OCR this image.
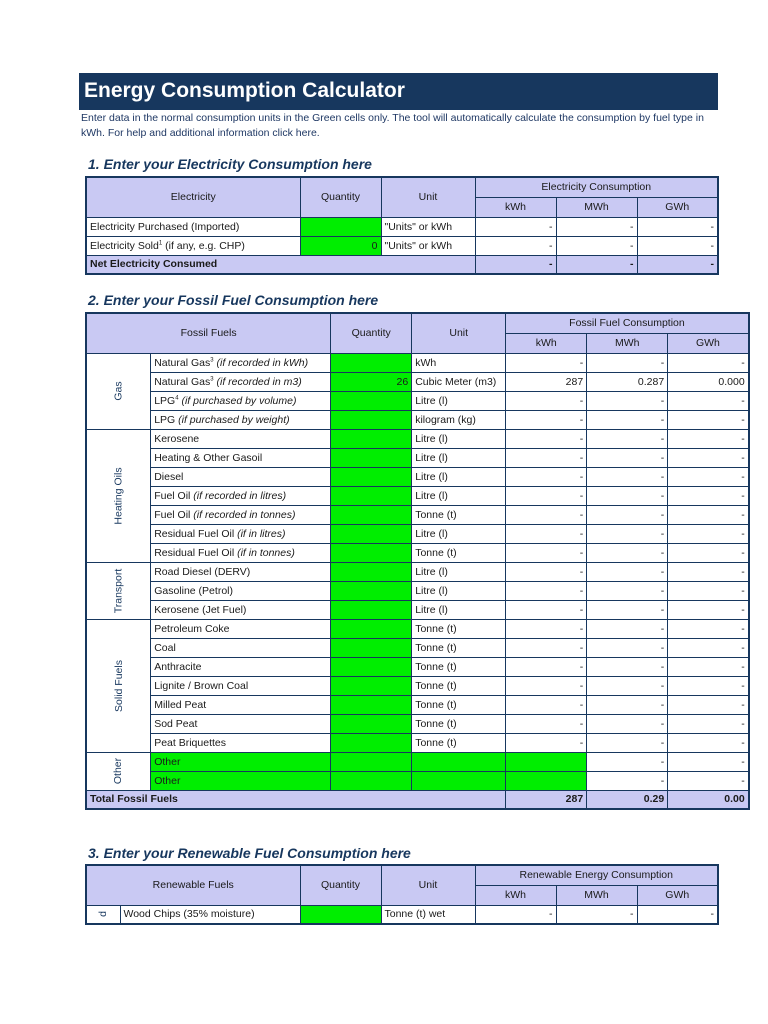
Energy Consumption Calculator
Enter data in the normal consumption units in the Green cells only. The tool will automatically calculate the consumption by fuel type in kWh. For help and additional information click here.
1. Enter your Electricity Consumption here
Electricity	Quantity	Unit	Electricity Consumption		
			kWh	MWh	GWh
Electricity Purchased (Imported)		"Units" or kWh	-	-	-
Electricity Sold$^1$ (if any, e.g. CHP)	0	"Units" or kWh	-	-	-
Net Electricity Consumed			-	-	-
2. Enter your Fossil Fuel Consumption here
Fossil Fuels		Quantity	Unit	Fossil Fuel Consumption		
				kWh	MWh	GWh
Gas	Natural Gas$^3$ (if recorded in kWh)		kWh	-	-	-
	Natural Gas$^3$ (if recorded in m3)	26	Cubic Meter (m3)	287	0.287	0.000
	LPG$^4$ (if purchased by volume)		Litre (l)	-	-	-
	LPG (if purchased by weight)		kilogram (kg)	-	-	-
Heating Oils	Kerosene		Litre (l)	-	-	-
	Heating & Other Gasoil		Litre (l)	-	-	-
	Diesel		Litre (l)	-	-	-
	Fuel Oil (if recorded in litres)		Litre (l)	-	-	-
	Fuel Oil (if recorded in tonnes)		Tonne (t)	-	-	-
	Residual Fuel Oil (if in litres)		Litre (l)	-	-	-
	Residual Fuel Oil (if in tonnes)		Tonne (t)	-	-	-
Transport	Road Diesel (DERV)		Litre (l)	-	-	-
	Gasoline (Petrol)		Litre (l)	-	-	-
	Kerosene (Jet Fuel)		Litre (l)	-	-	-
Solid Fuels	Petroleum Coke		Tonne (t)	-	-	-
	Coal		Tonne (t)	-	-	-
	Anthracite		Tonne (t)	-	-	-
	Lignite / Brown Coal		Tonne (t)	-	-	-
	Milled Peat		Tonne (t)	-	-	-
	Sod Peat		Tonne (t)	-	-	-
	Peat Briquettes		Tonne (t)	-	-	-
Other	Other				-	-
	Other				-	-
Total Fossil Fuels				287	0.29	0.00
3. Enter your Renewable Fuel Consumption here
Renewable Fuels		Quantity	Unit	Renewable Energy Consumption		
				kWh	MWh	GWh
d	Wood Chips (35% moisture)		Tonne (t) wet	-	-	-
